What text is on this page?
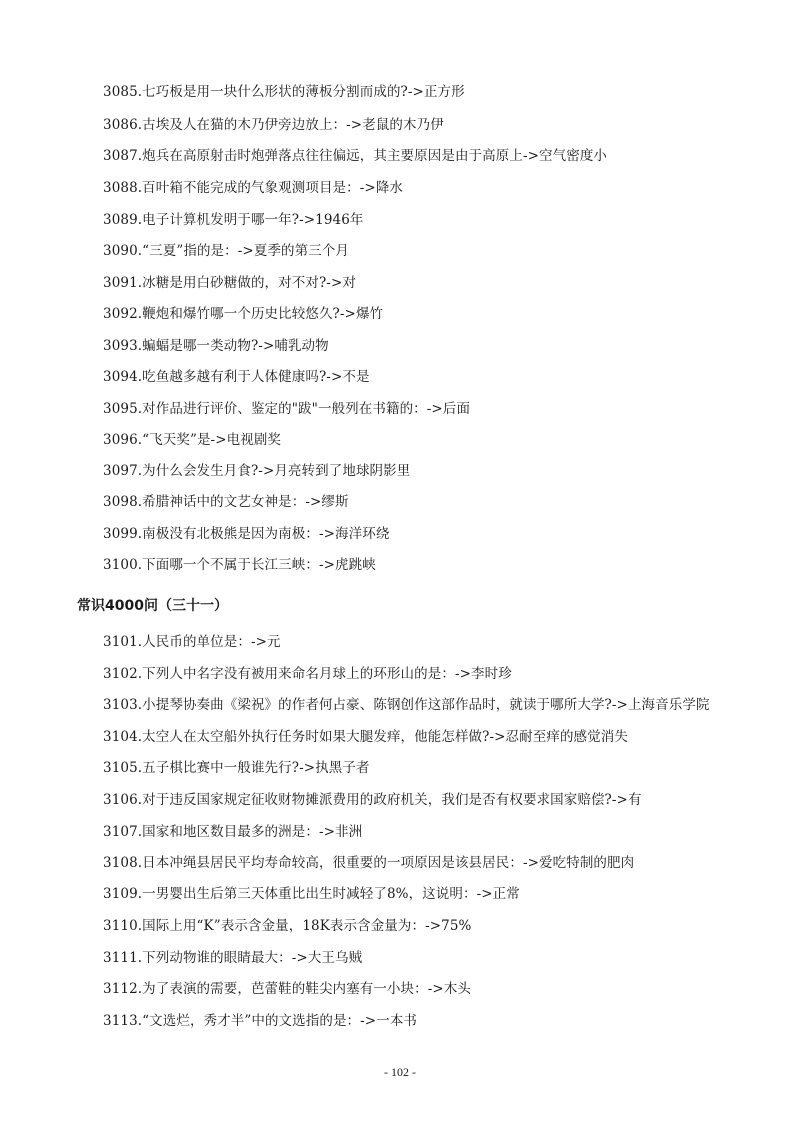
3085.七巧板是用一块什么形状的薄板分割而成的?->正方形
3086.古埃及人在猫的木乃伊旁边放上：->老鼠的木乃伊
3087.炮兵在高原射击时炮弹落点往往偏远，其主要原因是由于高原上->空气密度小
3088.百叶箱不能完成的气象观测项目是：->降水
3089.电子计算机发明于哪一年?->1946年
3090.“三夏”指的是：->夏季的第三个月
3091.冰糖是用白砂糖做的，对不对?->对
3092.鞭炮和爆竹哪一个历史比较悠久?->爆竹
3093.蝙蝠是哪一类动物?->哺乳动物
3094.吃鱼越多越有利于人体健康吗?->不是
3095.对作品进行评价、鉴定的"跋"一般列在书籍的：->后面
3096.“飞天奖”是->电视剧奖
3097.为什么会发生月食?->月亮转到了地球阴影里
3098.希腊神话中的文艺女神是：->缪斯
3099.南极没有北极熊是因为南极：->海洋环绕
3100.下面哪一个不属于长江三峡：->虎跳峡
常识4000问（三十一）
3101.人民币的单位是：->元
3102.下列人中名字没有被用来命名月球上的环形山的是：->李时珍
3103.小提琴协奏曲《梁祝》的作者何占豪、陈钢创作这部作品时，就读于哪所大学?->上海音乐学院
3104.太空人在太空船外执行任务时如果大腿发痒，他能怎样做?->忍耐至痒的感觉消失
3105.五子棋比赛中一般谁先行?->执黑子者
3106.对于违反国家规定征收财物摊派费用的政府机关，我们是否有权要求国家赔偿?->有
3107.国家和地区数目最多的洲是：->非洲
3108.日本冲绳县居民平均寿命较高，很重要的一项原因是该县居民：->爱吃特制的肥肉
3109.一男婴出生后第三天体重比出生时减轻了8%，这说明：->正常
3110.国际上用“K”表示含金量，18K表示含金量为：->75%
3111.下列动物谁的眼睛最大：->大王乌贼
3112.为了表演的需要，芭蕾鞋的鞋尖内塞有一小块：->木头
3113.“文选烂，秀才半”中的文选指的是：->一本书
- 102 -
